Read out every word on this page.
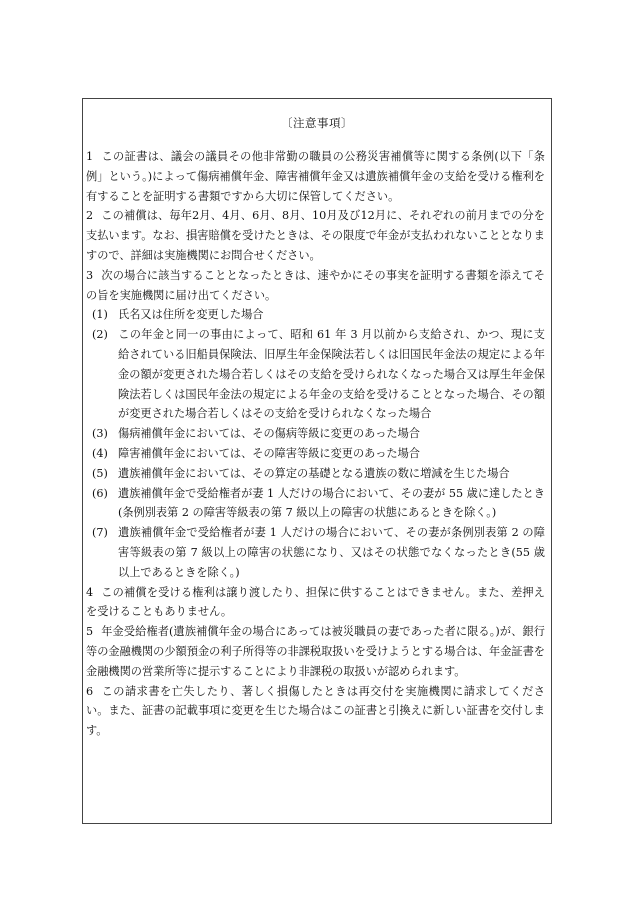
〔注意事項〕

1 この証書は、議会の議員その他非常勤の職員の公務災害補償等に関する条例(以下「条例」という。)によって傷病補償年金、障害補償年金又は遺族補償年金の支給を受ける権利を有することを証明する書類ですから大切に保管してください。

2 この補償は、毎年2月、4月、6月、8月、10月及び12月に、それぞれの前月までの分を支払います。なお、損害賠償を受けたときは、その限度で年金が支払われないこととなりますので、詳細は実施機関にお問合せください。

3 次の場合に該当することとなったときは、速やかにその事実を証明する書類を添えてその旨を実施機関に届け出てください。

(1) 氏名又は住所を変更した場合

(2) この年金と同一の事由によって、昭和 61 年 3 月以前から支給され、かつ、現に支給されている旧船員保険法、旧厚生年金保険法若しくは旧国民年金法の規定による年金の額が変更された場合若しくはその支給を受けられなくなった場合又は厚生年金保険法若しくは国民年金法の規定による年金の支給を受けることとなった場合、その額が変更された場合若しくはその支給を受けられなくなった場合

(3) 傷病補償年金においては、その傷病等級に変更のあった場合

(4) 障害補償年金においては、その障害等級に変更のあった場合

(5) 遺族補償年金においては、その算定の基礎となる遺族の数に増減を生じた場合

(6) 遺族補償年金で受給権者が妻 1 人だけの場合において、その妻が 55 歳に達したとき(条例別表第 2 の障害等級表の第 7 級以上の障害の状態にあるときを除く。)

(7) 遺族補償年金で受給権者が妻 1 人だけの場合において、その妻が条例別表第 2 の障害等級表の第 7 級以上の障害の状態になり、又はその状態でなくなったとき(55 歳以上であるときを除く。)

4 この補償を受ける権利は譲り渡したり、担保に供することはできません。また、差押えを受けることもありません。

5 年金受給権者(遺族補償年金の場合にあっては被災職員の妻であった者に限る。)が、銀行等の金融機関の少額預金の利子所得等の非課税取扱いを受けようとする場合は、年金証書を金融機関の営業所等に提示することにより非課税の取扱いが認められます。

6 この請求書を亡失したり、著しく損傷したときは再交付を実施機関に請求してください。また、証書の記載事項に変更を生じた場合はこの証書と引換えに新しい証書を交付します。
